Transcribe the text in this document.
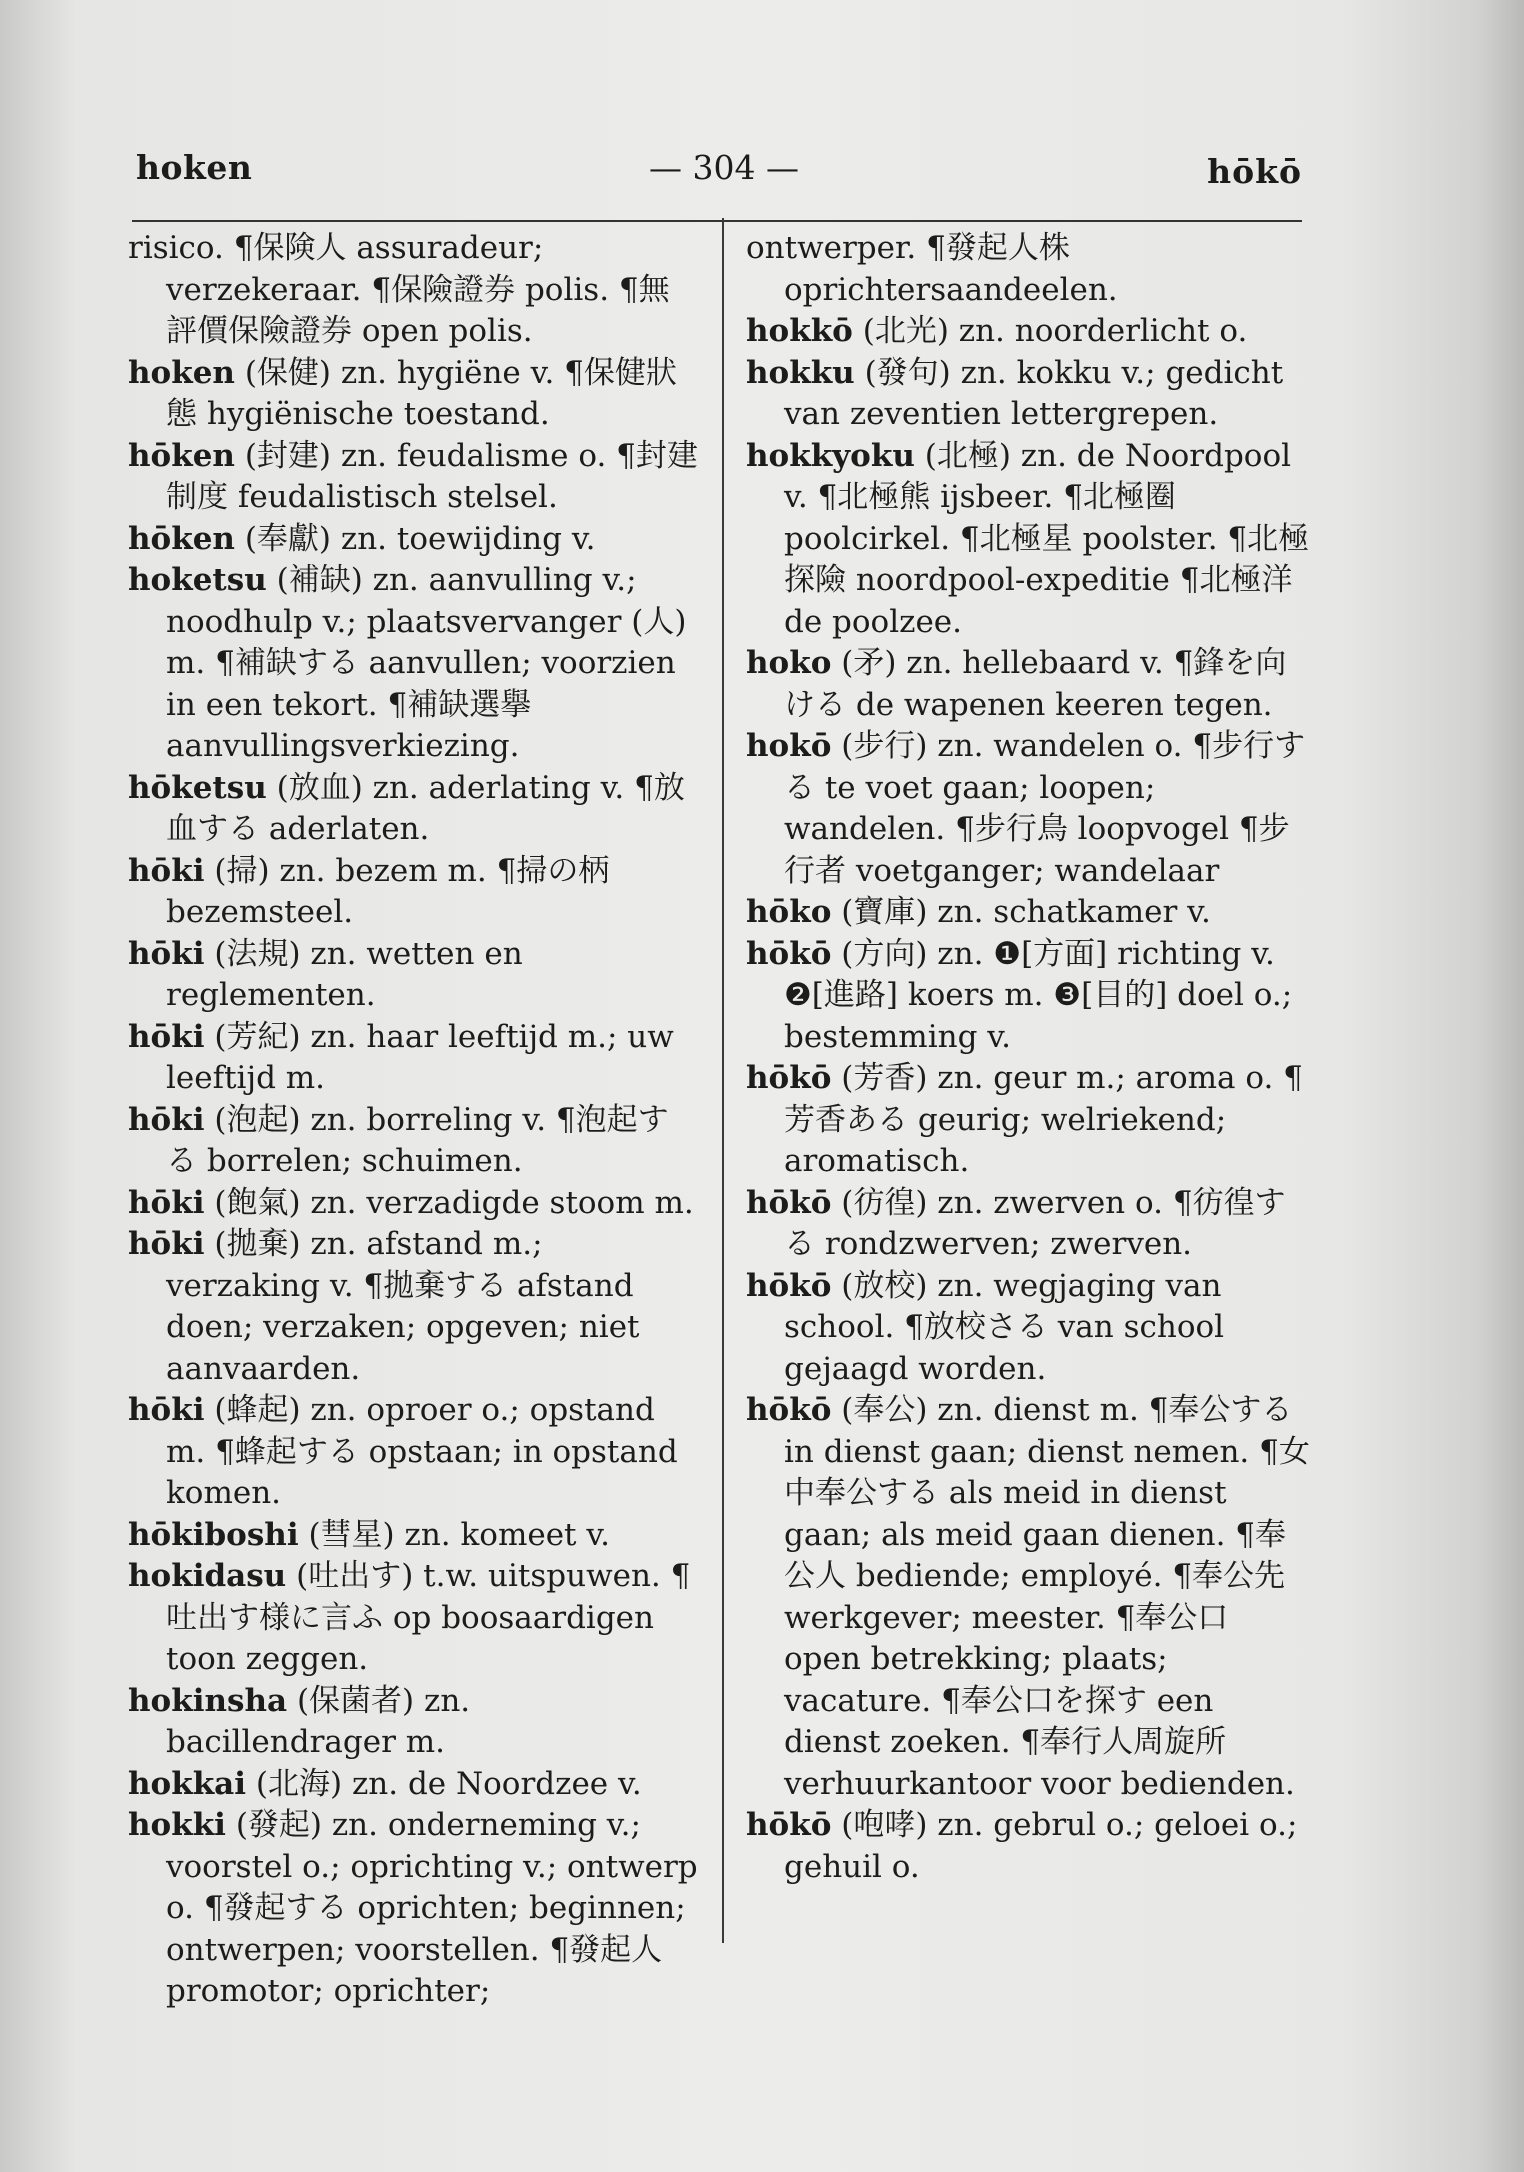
hoken	— 304 —	hōkō

risico. ¶保険人 assuradeur; verzekeraar. ¶保險證券 polis. ¶無評價保險證券 open polis.

hoken (保健) zn. hygiëne v. ¶保健狀態 hygiënische toestand.

hōken (封建) zn. feudalisme o. ¶封建制度 feudalistisch stelsel.

hōken (奉獻) zn. toewijding v.

hoketsu (補缺) zn. aanvulling v.; noodhulp v.; plaatsvervanger (人) m. ¶補缺する aanvullen; voorzien in een tekort. ¶補缺選擧 aanvullingsverkiezing.

hōketsu (放血) zn. aderlating v. ¶放血する aderlaten.

hōki (掃) zn. bezem m. ¶掃の柄 bezemsteel.

hōki (法規) zn. wetten en reglementen.

hōki (芳紀) zn. haar leeftijd m.; uw leeftijd m.

hōki (泡起) zn. borreling v. ¶泡起する borrelen; schuimen.

hōki (飽氣) zn. verzadigde stoom m.

hōki (拋棄) zn. afstand m.; verzaking v. ¶拋棄する afstand doen; verzaken; opgeven; niet aanvaarden.

hōki (蜂起) zn. oproer o.; opstand m. ¶蜂起する opstaan; in opstand komen.

hōkiboshi (彗星) zn. komeet v.

hokidasu (吐出す) t.w. uitspuwen. ¶吐出す様に言ふ op boosaardigen toon zeggen.

hokinsha (保菌者) zn. bacillendrager m.

hokkai (北海) zn. de Noordzee v.

hokki (發起) zn. onderneming v.; voorstel o.; oprichting v.; ontwerp o. ¶發起する oprichten; beginnen; ontwerpen; voorstellen. ¶發起人 promotor; oprichter;

ontwerper. ¶發起人株 oprichtersaandeelen.

hokkō (北光) zn. noorderlicht o.

hokku (發句) zn. kokku v.; gedicht van zeventien lettergrepen.

hokkyoku (北極) zn. de Noordpool v. ¶北極熊 ijsbeer. ¶北極圈 poolcirkel. ¶北極星 poolster. ¶北極探險 noordpool-expeditie ¶北極洋 de poolzee.

hoko (矛) zn. hellebaard v. ¶鋒を向ける de wapenen keeren tegen.

hokō (步行) zn. wandelen o. ¶步行する te voet gaan; loopen; wandelen. ¶步行鳥 loopvogel ¶步行者 voetganger; wandelaar

hōko (寶庫) zn. schatkamer v.

hōkō (方向) zn. ❶[方面] richting v. ❷[進路] koers m. ❸[目的] doel o.; bestemming v.

hōkō (芳香) zn. geur m.; aroma o. ¶芳香ある geurig; welriekend; aromatisch.

hōkō (彷徨) zn. zwerven o. ¶彷徨する rondzwerven; zwerven.

hōkō (放校) zn. wegjaging van school. ¶放校さる van school gejaagd worden.

hōkō (奉公) zn. dienst m. ¶奉公する in dienst gaan; dienst nemen. ¶女中奉公する als meid in dienst gaan; als meid gaan dienen. ¶奉公人 bediende; employé. ¶奉公先 werkgever; meester. ¶奉公口 open betrekking; plaats; vacature. ¶奉公口を探す een dienst zoeken. ¶奉行人周旋所 verhuurkantoor voor bedienden.

hōkō (咆哮) zn. gebrul o.; geloei o.; gehuil o.
